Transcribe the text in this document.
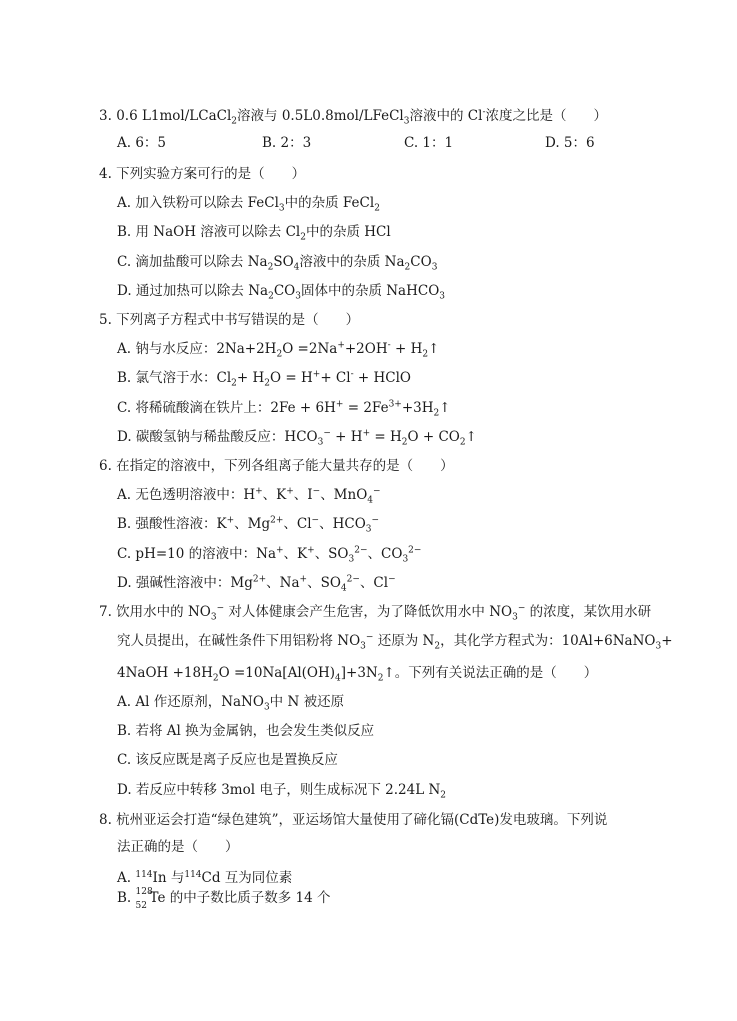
3. 0.6 L1mol/LCaCl$_2$溶液与 0.5L0.8mol/LFeCl$_3$溶液中的 Cl-浓度之比是（　　）
A. 6：5	B. 2：3	C. 1：1	D. 5：6
4. 下列实验方案可行的是（　　）
A. 加入铁粉可以除去 FeCl$_3$中的杂质 FeCl$_2$
B. 用 NaOH 溶液可以除去 $Cl_2$中的杂质 HCl
C. 滴加盐酸可以除去 $Na_2SO_4$溶液中的杂质 $Na_2CO_3$
D. 通过加热可以除去 $Na_2CO_3$固体中的杂质 NaHCO$_3$
5. 下列离子方程式中书写错误的是（　　）
A. 钠与水反应：$2Na+2H_2O =2Na^++2OH^-$ + $H_2↑$
B. 氯气溶于水：$Cl_2+ H_2O = H^++ Cl^-$ + HClO
C. 将稀硫酸滴在铁片上：$2Fe + 6H^+ = 2Fe^{3+}+3H_2↑$
D. 碳酸氢钠与稀盐酸反应：$HCO_3^- + H^+ = H_2O$ + $CO_2↑$
6. 在指定的溶液中，下列各组离子能大量共存的是（　　）
A. 无色透明溶液中：H+、K+、I−、MnO$_4$−
B. 强酸性溶液：K+、$Mg^{2+}$、Cl−、$HCO_3^-$
C. pH=10 的溶液中：Na+、K+、$SO_3^{2-}$、$CO_3^{2-}$
D. 强碱性溶液中：$Mg^{2+}$、Na+、$SO_4^{2-}$、Cl−
7. 饮用水中的 $NO_3^-$ 对人体健康会产生危害，为了降低饮用水中 $NO_3^-$ 的浓度，某饮用水研
究人员提出，在碱性条件下用铝粉将 $NO_3^-$ 还原为 $N_2$，其化学方程式为：10Al+6NaNO$_3$+
4NaOH $+18H_2O$ $=10Na[Al(OH)_4]+3N_2↑$。下列有关说法正确的是（　　）
A. Al 作还原剂，NaNO$_3$中 N 被还原
B. 若将 Al 换为金属钠，也会发生类似反应
C. 该反应既是离子反应也是置换反应
D. 若反应中转移 3mol 电子，则生成标况下 2.24L $N_2$
8. 杭州亚运会打造“绿色建筑”，亚运场馆大量使用了碲化镉(CdTe)发电玻璃。下列说
法正确的是（　　）
A. $^{114}$In 与$^{114}$Cd 互为同位素
B. 128
52 Te 的中子数比质子数多 14 个
